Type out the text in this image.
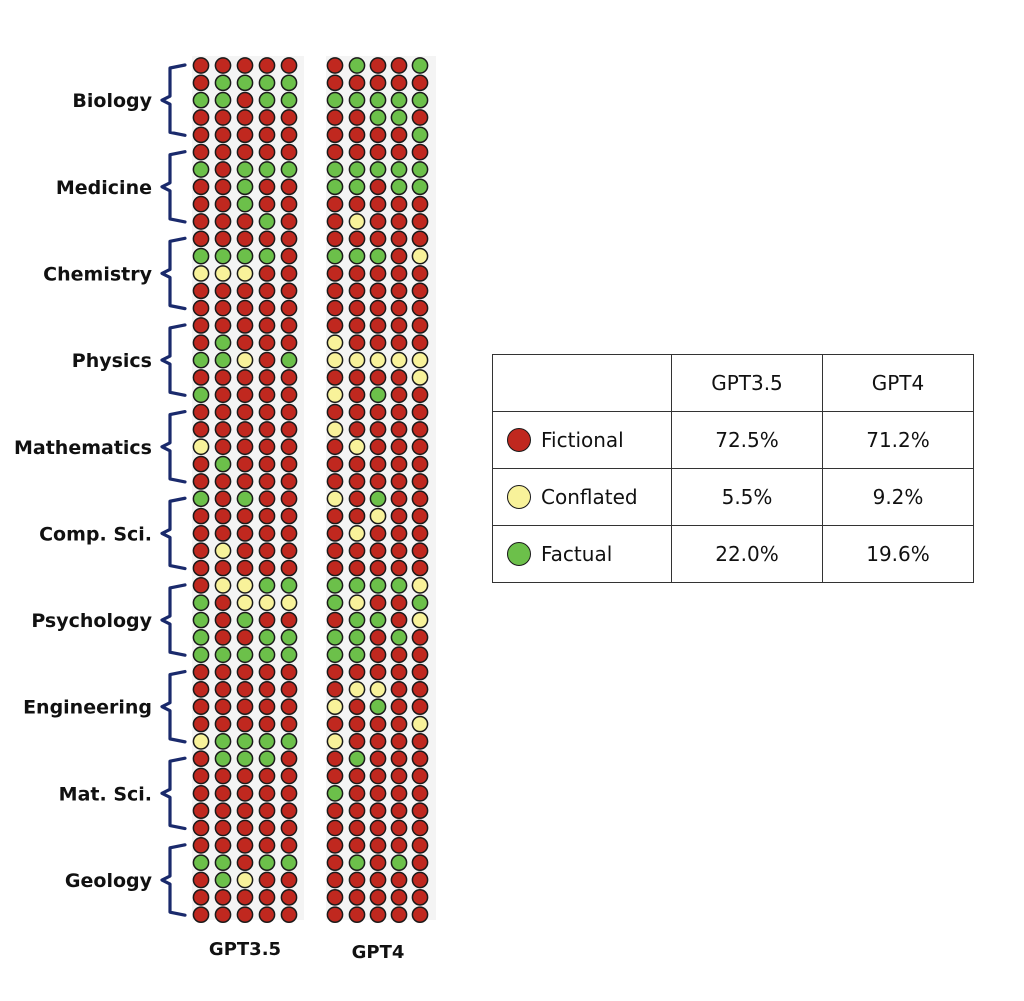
Biology
Medicine
Chemistry
Physics
Mathematics
Comp. Sci.
Psychology
Engineering
Mat. Sci.
Geology
GPT3.5	GPT4
	GPT3.5	GPT4

Fictional	72.5%	71.2%

Conflated	5.5%	9.2%

Factual	22.0%	19.6%
